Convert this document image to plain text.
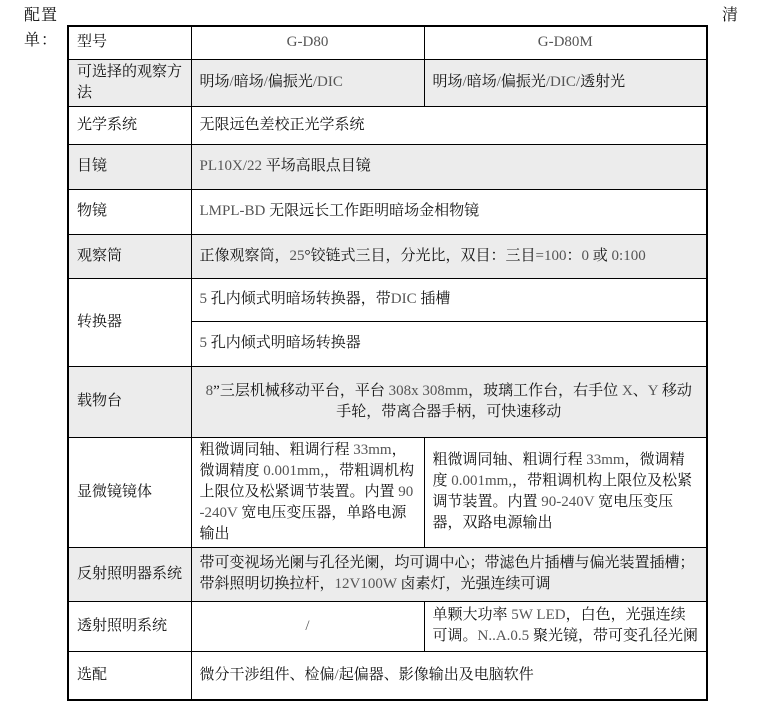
配置
单：
清
型号	G-D80	G-D80M
可选择的观察方法	明场/暗场/偏振光/DIC	明场/暗场/偏振光/DIC/透射光
光学系统	无限远色差校正光学系统	
目镜	PL10X/22 平场高眼点目镜	
物镜	LMPL-BD 无限远长工作距明暗场金相物镜	
观察筒	正像观察筒，25°铰链式三目，分光比，双目：三目=100：0 或 0:100	
转换器	5 孔内倾式明暗场转换器，带DIC 插槽	
	5 孔内倾式明暗场转换器	
载物台	8”三层机械移动平台，平台 308x 308mm，玻璃工作台，右手位 X、Y 移动手轮，带离合器手柄，可快速移动	
显微镜镜体	粗微调同轴、粗调行程 33mm，微调精度 0.001mm,，带粗调机构上限位及松紧调节装置。内置 90-240V 宽电压变压器，单路电源输出	粗微调同轴、粗调行程 33mm，微调精度 0.001mm,，带粗调机构上限位及松紧调节装置。内置 90-240V 宽电压变压器，双路电源输出
反射照明器系统	带可变视场光阑与孔径光阑，均可调中心；带滤色片插槽与偏光装置插槽；带斜照明切换拉杆，12V100W 卤素灯，光强连续可调	
透射照明系统	/	单颗大功率 5W LED，白色，光强连续可调。N..A.0.5 聚光镜，带可变孔径光阑
选配	微分干涉组件、检偏/起偏器、影像输出及电脑软件	
